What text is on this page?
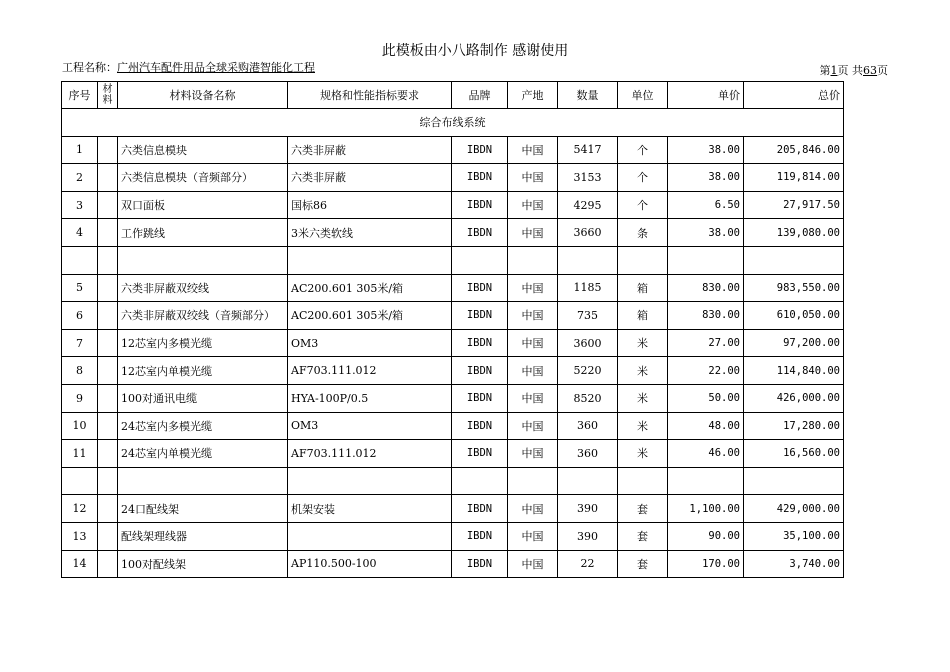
此模板由小八路制作 感谢使用
工程名称：广州汽车配件用品全球采购港智能化工程	第1页 共63页
序号	材料	材料设备名称	规格和性能指标要求	品牌	产地	数量	单位	单价	总价
综合布线系统									
1		六类信息模块	六类非屏蔽	IBDN	中国	5417	个	38.00	205,846.00
2		六类信息模块（音频部分）	六类非屏蔽	IBDN	中国	3153	个	38.00	119,814.00
3		双口面板	国标86	IBDN	中国	4295	个	6.50	27,917.50
4		工作跳线	3米六类软线	IBDN	中国	3660	条	38.00	139,080.00

5		六类非屏蔽双绞线	AC200.601 305米/箱	IBDN	中国	1185	箱	830.00	983,550.00
6		六类非屏蔽双绞线（音频部分）	AC200.601 305米/箱	IBDN	中国	735	箱	830.00	610,050.00
7		12芯室内多模光缆	OM3	IBDN	中国	3600	米	27.00	97,200.00
8		12芯室内单模光缆	AF703.111.012	IBDN	中国	5220	米	22.00	114,840.00
9		100对通讯电缆	HYA-100P/0.5	IBDN	中国	8520	米	50.00	426,000.00
10		24芯室内多模光缆	OM3	IBDN	中国	360	米	48.00	17,280.00
11		24芯室内单模光缆	AF703.111.012	IBDN	中国	360	米	46.00	16,560.00

12		24口配线架	机架安装	IBDN	中国	390	套	1,100.00	429,000.00
13		配线架理线器		IBDN	中国	390	套	90.00	35,100.00
14		100对配线架	AP110.500-100	IBDN	中国	22	套	170.00	3,740.00
